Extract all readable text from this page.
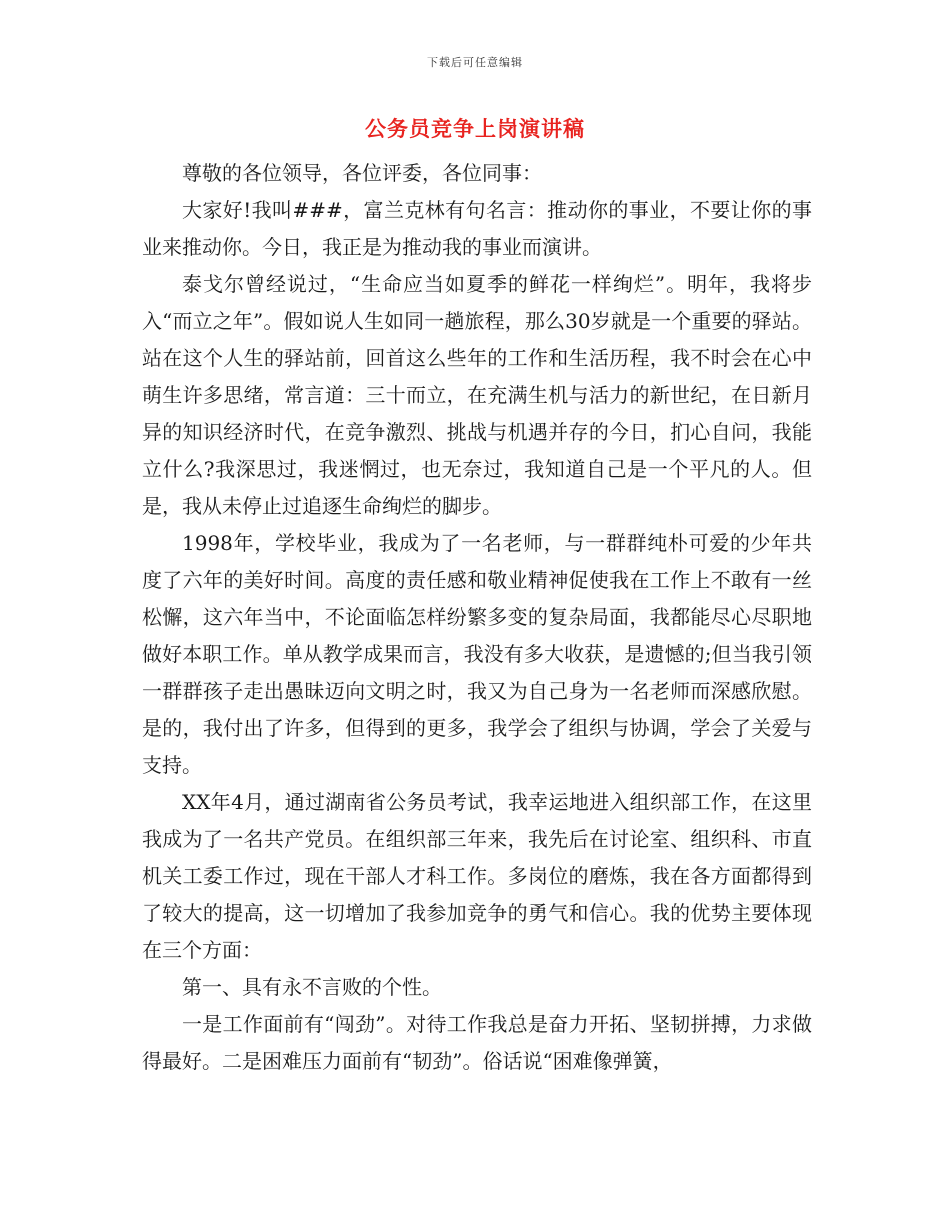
下载后可任意编辑
公务员竞争上岗演讲稿

尊敬的各位领导，各位评委，各位同事：

大家好!我叫###，富兰克林有句名言：推动你的事业，不要让你的事业来推动你。今日，我正是为推动我的事业而演讲。

泰戈尔曾经说过，“生命应当如夏季的鲜花一样绚烂”。明年，我将步入“而立之年”。假如说人生如同一趟旅程，那么30岁就是一个重要的驿站。站在这个人生的驿站前，回首这么些年的工作和生活历程，我不时会在心中萌生许多思绪，常言道：三十而立，在充满生机与活力的新世纪，在日新月异的知识经济时代，在竞争激烈、挑战与机遇并存的今日，扪心自问，我能立什么?我深思过，我迷惘过，也无奈过，我知道自己是一个平凡的人。但是，我从未停止过追逐生命绚烂的脚步。

1998年，学校毕业，我成为了一名老师，与一群群纯朴可爱的少年共度了六年的美好时间。高度的责任感和敬业精神促使我在工作上不敢有一丝松懈，这六年当中，不论面临怎样纷繁多变的复杂局面，我都能尽心尽职地做好本职工作。单从教学成果而言，我没有多大收获，是遗憾的;但当我引领一群群孩子走出愚昧迈向文明之时，我又为自己身为一名老师而深感欣慰。是的，我付出了许多，但得到的更多，我学会了组织与协调，学会了关爱与支持。

XX年4月，通过湖南省公务员考试，我幸运地进入组织部工作，在这里我成为了一名共产党员。在组织部三年来，我先后在讨论室、组织科、市直机关工委工作过，现在干部人才科工作。多岗位的磨炼，我在各方面都得到了较大的提高，这一切增加了我参加竞争的勇气和信心。我的优势主要体现在三个方面：

第一、具有永不言败的个性。

一是工作面前有“闯劲”。对待工作我总是奋力开拓、坚韧拼搏，力求做得最好。二是困难压力面前有“韧劲”。俗话说“困难像弹簧，
